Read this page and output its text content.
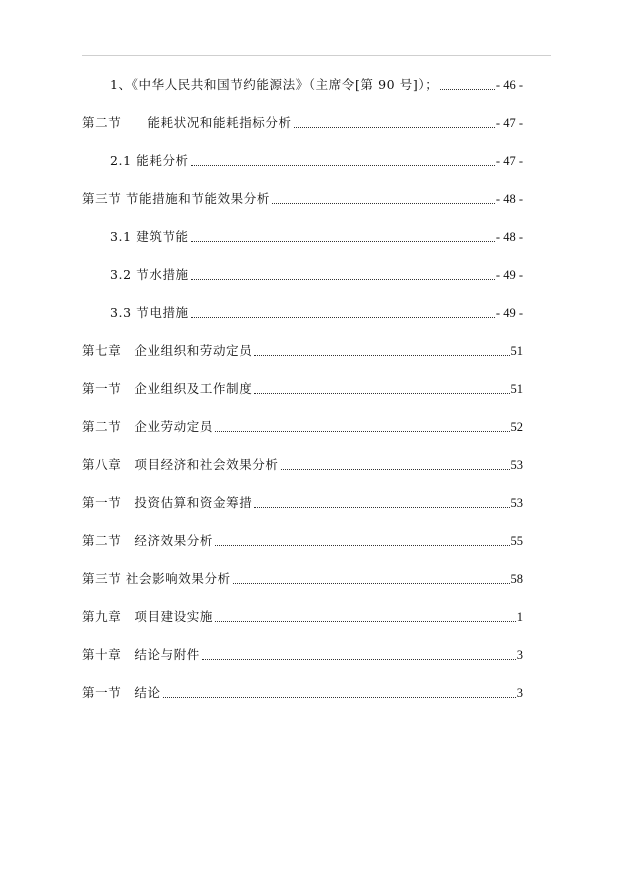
1、《中华人民共和国节约能源法》（主席令[第 90 号]）；	- 46 -
第二节　　能耗状况和能耗指标分析	- 47 -
2.1 能耗分析	- 47 -
第三节 节能措施和节能效果分析	- 48 -
3.1 建筑节能	- 48 -
3.2 节水措施	- 49 -
3.3 节电措施	- 49 -
第七章　企业组织和劳动定员	51
第一节　企业组织及工作制度	51
第二节　企业劳动定员	52
第八章　项目经济和社会效果分析	53
第一节　投资估算和资金筹措	53
第二节　经济效果分析	55
第三节 社会影响效果分析	58
第九章　项目建设实施	1
第十章　结论与附件	3
第一节　结论	3
